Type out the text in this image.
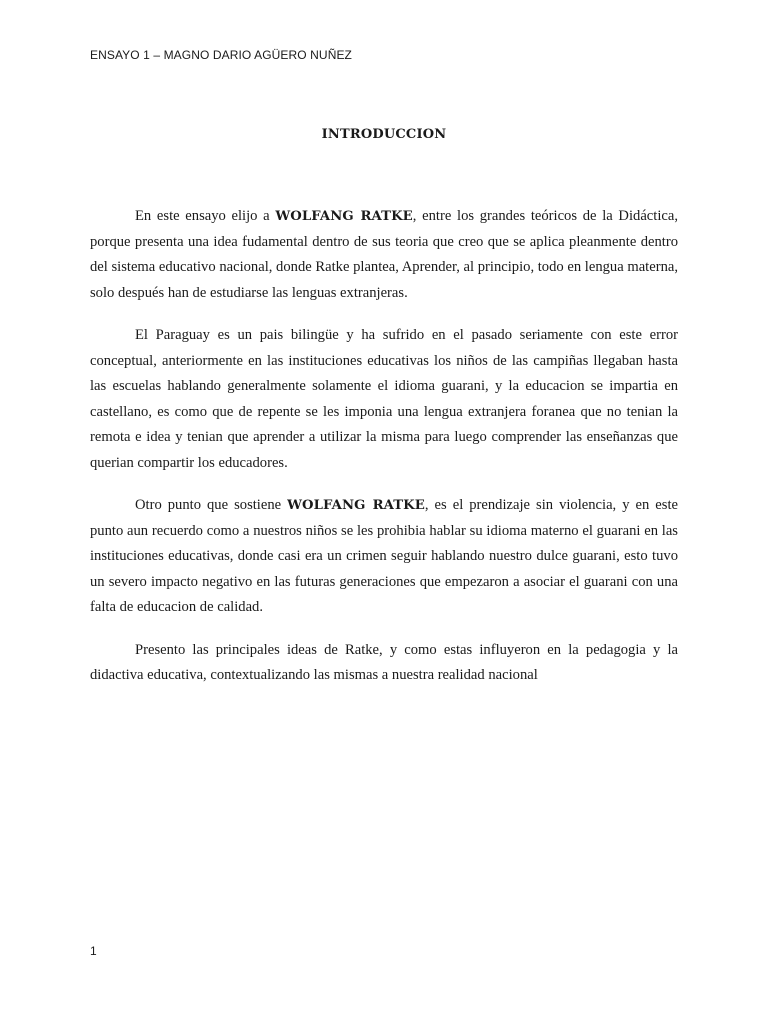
ENSAYO 1 – MAGNO DARIO AGÜERO NUÑEZ
INTRODUCCION

En este ensayo elijo a WOLFANG RATKE, entre los grandes teóricos de la Didáctica, porque presenta una idea fudamental dentro de sus teoria que creo que se aplica pleanmente dentro del sistema educativo nacional, donde Ratke plantea, Aprender, al principio, todo en lengua materna, solo después han de estudiarse las lenguas extranjeras.

El Paraguay es un pais bilingüe y ha sufrido en el pasado seriamente con este error conceptual, anteriormente en las instituciones educativas los niños de las campiñas llegaban hasta las escuelas hablando generalmente solamente el idioma guarani, y la educacion se impartia en castellano, es como que de repente se les imponia una lengua extranjera foranea que no tenian la remota e idea y tenian que aprender a utilizar la misma para luego comprender las enseñanzas que querian compartir los educadores.

Otro punto que sostiene WOLFANG RATKE, es el prendizaje sin violencia, y en este punto aun recuerdo como a nuestros niños se les prohibia hablar su idioma materno el guarani en las instituciones educativas, donde casi era un crimen seguir hablando nuestro dulce guarani, esto tuvo un severo impacto negativo en las futuras generaciones que empezaron a asociar el guarani con una falta de educacion de calidad.

Presento las principales ideas de Ratke, y como estas influyeron en la pedagogia y la didactiva educativa, contextualizando las mismas a nuestra realidad nacional

1
